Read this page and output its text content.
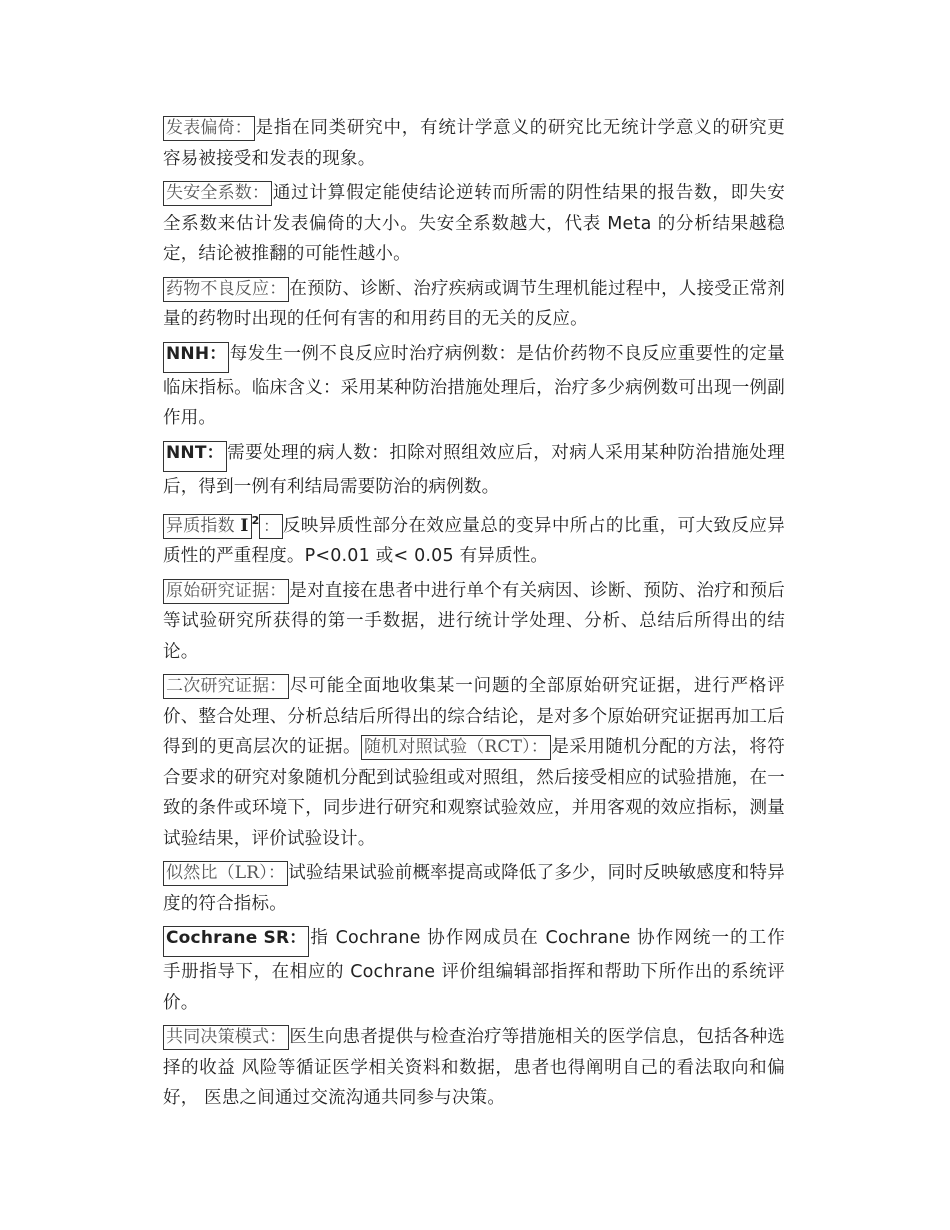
发表偏倚： 是指在同类研究中，有统计学意义的研究比无统计学意义的研究更容易被接受和发表的现象。

失安全系数： 通过计算假定能使结论逆转而所需的阴性结果的报告数，即失安全系数来估计发表偏倚的大小。失安全系数越大，代表 Meta 的分析结果越稳定，结论被推翻的可能性越小。

药物不良反应： 在预防、诊断、治疗疾病或调节生理机能过程中，人接受正常剂量的药物时出现的任何有害的和用药目的无关的反应。

NNH： 每发生一例不良反应时治疗病例数：是估价药物不良反应重要性的定量临床指标。临床含义：采用某种防治措施处理后，治疗多少病例数可出现一例副作用。

NNT： 需要处理的病人数：扣除对照组效应后，对病人采用某种防治措施处理后，得到一例有利结局需要防治的病例数。

异质指数 I $^2$ ： 反映异质性部分在效应量总的变异中所占的比重，可大致反应异质性的严重程度。P<0.01 或< 0.05 有异质性。

原始研究证据： 是对直接在患者中进行单个有关病因、诊断、预防、治疗和预后等试验研究所获得的第一手数据，进行统计学处理、分析、总结后所得出的结论。

二次研究证据： 尽可能全面地收集某一问题的全部原始研究证据，进行严格评价、整合处理、分析总结后所得出的综合结论，是对多个原始研究证据再加工后得到的更高层次的证据。 随机对照试验（RCT）： 是采用随机分配的方法，将符合要求的研究对象随机分配到试验组或对照组，然后接受相应的试验措施，在一致的条件或环境下，同步进行研究和观察试验效应，并用客观的效应指标，测量试验结果，评价试验设计。

似然比（LR）： 试验结果试验前概率提高或降低了多少，同时反映敏感度和特异度的符合指标。

Cochrane SR： 指 Cochrane 协作网成员在 Cochrane 协作网统一的工作手册指导下，在相应的 Cochrane 评价组编辑部指挥和帮助下所作出的系统评价。

共同决策模式： 医生向患者提供与检查治疗等措施相关的医学信息，包括各种选择的收益 风险等循证医学相关资料和数据，患者也得阐明自己的看法取向和偏好， 医患之间通过交流沟通共同参与决策。
